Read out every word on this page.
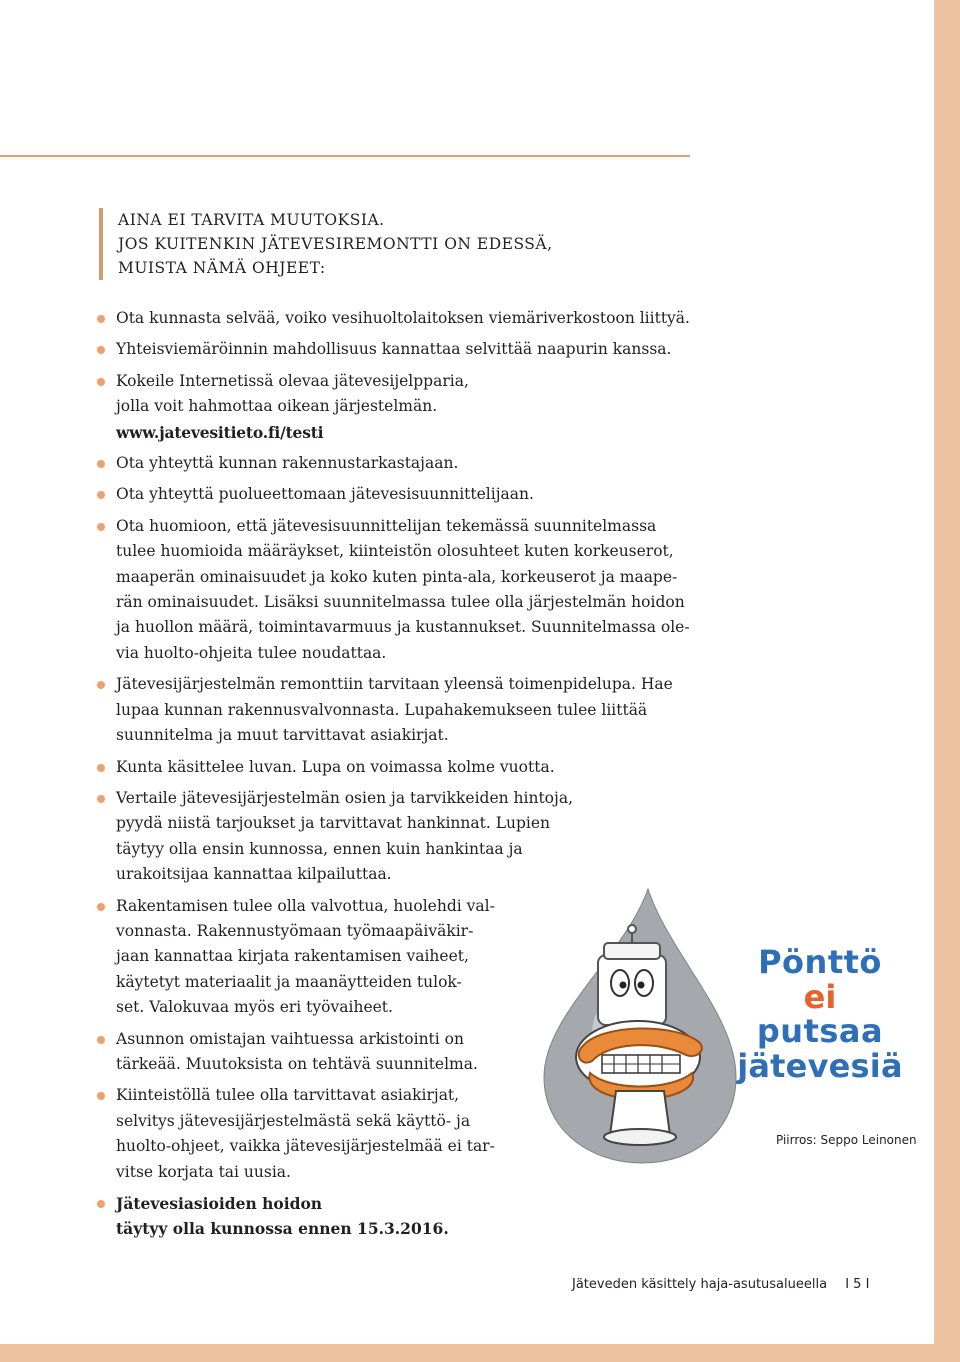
AINA EI TARVITA MUUTOKSIA.
JOS KUITENKIN JÄTEVESIREMONTTI ON EDESSÄ,
MUISTA NÄMÄ OHJEET:
Ota kunnasta selvää, voiko vesihuoltolaitoksen viemäriverkostoon liittyä.
Yhteisviemäröinnin mahdollisuus kannattaa selvittää naapurin kanssa.
Kokeile Internetissä olevaa jätevesijelpparia,
jolla voit hahmottaa oikean järjestelmän.
www.jatevesitieto.fi/testi
Ota yhteyttä kunnan rakennustarkastajaan.
Ota yhteyttä puolueettomaan jätevesisuunnittelijaan.
Ota huomioon, että jätevesisuunnittelijan tekemässä suunnitelmassa
tulee huomioida määräykset, kiinteistön olosuhteet kuten korkeuserot,
maaperän ominaisuudet ja koko kuten pinta-ala, korkeuserot ja maape-
rän ominaisuudet. Lisäksi suunnitelmassa tulee olla järjestelmän hoidon
ja huollon määrä, toimintavarmuus ja kustannukset. Suunnitelmassa ole-
via huolto-ohjeita tulee noudattaa.
Jätevesijärjestelmän remonttiin tarvitaan yleensä toimenpidelupa. Hae
lupaa kunnan rakennusvalvonnasta. Lupahakemukseen tulee liittää
suunnitelma ja muut tarvittavat asiakirjat.
Kunta käsittelee luvan. Lupa on voimassa kolme vuotta.
Vertaile jätevesijärjestelmän osien ja tarvikkeiden hintoja,
pyydä niistä tarjoukset ja tarvittavat hankinnat. Lupien
täytyy olla ensin kunnossa, ennen kuin hankintaa ja
urakoitsijaa kannattaa kilpailuttaa.
Rakentamisen tulee olla valvottua, huolehdi val-
vonnasta. Rakennustyömaan työmaapäiväkir-
jaan kannattaa kirjata rakentamisen vaiheet,
käytetyt materiaalit ja maanäytteiden tulok-
set. Valokuvaa myös eri työvaiheet.
Asunnon omistajan vaihtuessa arkistointi on
tärkeää. Muutoksista on tehtävä suunnitelma.
Kiinteistöllä tulee olla tarvittavat asiakirjat,
selvitys jätevesijärjestelmästä sekä käyttö- ja
huolto-ohjeet, vaikka jätevesijärjestelmää ei tar-
vitse korjata tai uusia.
Jätevesiasioiden hoidon
täytyy olla kunnossa ennen 15.3.2016.
Pönttö
ei
putsaa
jätevesiä
Piirros: Seppo Leinonen
Jäteveden käsittely haja-asutusalueella I 5 I
